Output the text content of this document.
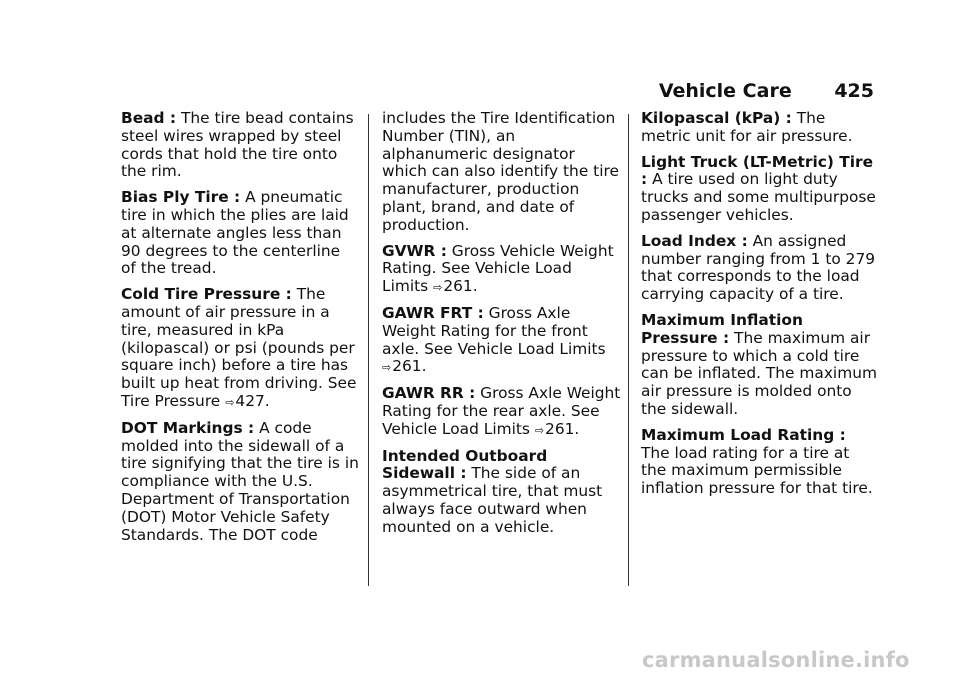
Vehicle Care 425

Bead : The tire bead contains steel wires wrapped by steel cords that hold the tire onto the rim.

Bias Ply Tire : A pneumatic tire in which the plies are laid at alternate angles less than 90 degrees to the centerline of the tread.

Cold Tire Pressure : The amount of air pressure in a tire, measured in kPa (kilopascal) or psi (pounds per square inch) before a tire has built up heat from driving. See Tire Pressure ⇨ 427.

DOT Markings : A code molded into the sidewall of a tire signifying that the tire is in compliance with the U.S. Department of Transportation (DOT) Motor Vehicle Safety Standards. The DOT code

includes the Tire Identification Number (TIN), an alphanumeric designator which can also identify the tire manufacturer, production plant, brand, and date of production.

GVWR : Gross Vehicle Weight Rating. See Vehicle Load Limits ⇨ 261.

GAWR FRT : Gross Axle Weight Rating for the front axle. See Vehicle Load Limits ⇨ 261.

GAWR RR : Gross Axle Weight Rating for the rear axle. See Vehicle Load Limits ⇨ 261.

Intended Outboard Sidewall : The side of an asymmetrical tire, that must always face outward when mounted on a vehicle.

Kilopascal (kPa) : The metric unit for air pressure.

Light Truck (LT-Metric) Tire : A tire used on light duty trucks and some multipurpose passenger vehicles.

Load Index : An assigned number ranging from 1 to 279 that corresponds to the load carrying capacity of a tire.

Maximum Inflation Pressure : The maximum air pressure to which a cold tire can be inflated. The maximum air pressure is molded onto the sidewall.

Maximum Load Rating : The load rating for a tire at the maximum permissible inflation pressure for that tire.

carmanualsonline.info
